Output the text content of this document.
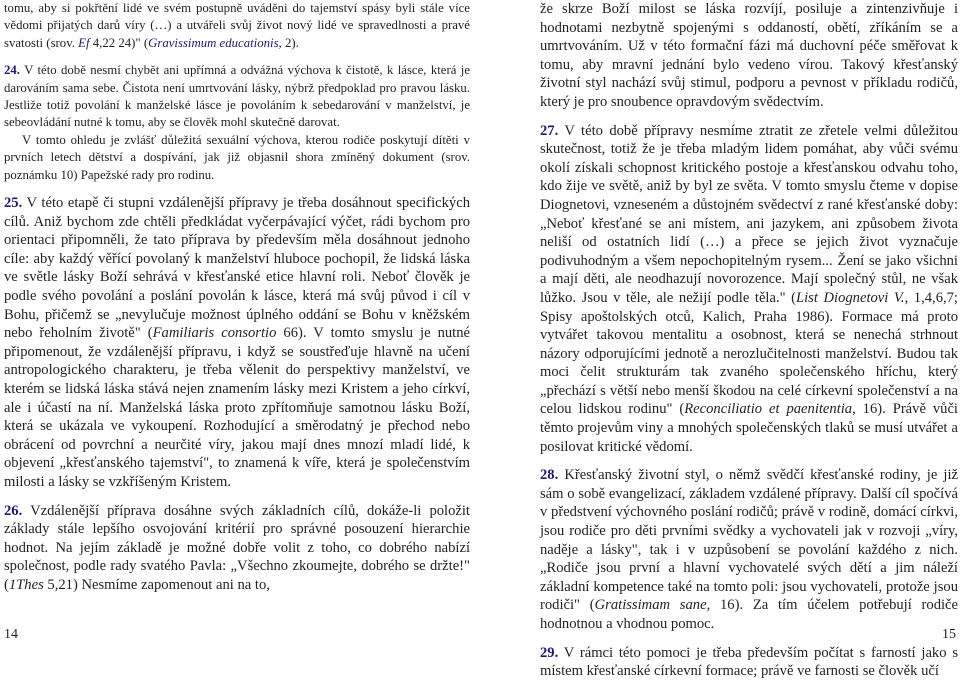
tomu, aby si pokřtění lidé ve svém postupně uváděni do tajemství spásy byli stále více vědomi přijatých darů víry (…) a utvářeli svůj život nový lidé ve spravedlnosti a pravé svatosti (srov. Ef 4,22 24)" (Gravissimum educationis, 2).

24. V této době nesmí chybět ani upřímná a odvážná výchova k čistotě, k lásce, která je darováním sama sebe. Čistota není umrtvování lásky, nýbrž předpoklad pro pravou lásku. Jestliže totiž povolání k manželské lásce je povoláním k sebedarování v manželství, je sebeovládání nutné k tomu, aby se člověk mohl skutečně darovat.

V tomto ohledu je zvlášť důležitá sexuální výchova, kterou rodiče poskytují dítěti v prvních letech dětství a dospívání, jak již objasnil shora zmíněný dokument (srov. poznámku 10) Papežské rady pro rodinu.

25. V této etapě či stupni vzdálenější přípravy je třeba dosáhnout specifických cílů. Aniž bychom zde chtěli předkládat vyčerpávající výčet, rádi bychom pro orientaci připomněli, že tato příprava by především měla dosáhnout jednoho cíle: aby každý věřící povolaný k manželství hluboce pochopil, že lidská láska ve světle lásky Boží sehrává v křesťanské etice hlavní roli. Neboť člověk je podle svého povolání a poslání povolán k lásce, která má svůj původ i cíl v Bohu, přičemž se „nevylučuje možnost úplného oddání se Bohu v kněžském nebo řeholním životě" (Familiaris consortio 66). V tomto smyslu je nutné připomenout, že vzdálenější přípravu, i když se soustřeďuje hlavně na učení antropologického charakteru, je třeba vělenit do perspektivy manželství, ve kterém se lidská láska stává nejen znamením lásky mezi Kristem a jeho církví, ale i účastí na ní. Manželská láska proto zpřítomňuje samotnou lásku Boží, která se ukázala ve vykoupení. Rozhodující a směrodatný je přechod nebo obrácení od povrchní a neurčité víry, jakou mají dnes mnozí mladí lidé, k objevení „křesťanského tajemství", to znamená k víře, která je společenstvím milosti a lásky se vzkříšeným Kristem.

26. Vzdálenější příprava dosáhne svých základních cílů, dokáže-li položit základy stále lepšího osvojování kritérií pro správné posouzení hierarchie hodnot. Na jejím základě je možné dobře volit z toho, co dobrého nabízí společnost, podle rady svatého Pavla: „Všechno zkoumejte, dobrého se držte!" (1Thes 5,21) Nesmíme zapomenout ani na to,

že skrze Boží milost se láska rozvíjí, posiluje a zintenzivňuje i hodnotami nezbytně spojenými s oddaností, obětí, zříkáním se a umrtvováním. Už v této formační fázi má duchovní péče směřovat k tomu, aby mravní jednání bylo vedeno vírou. Takový křesťanský životní styl nachází svůj stimul, podporu a pevnost v příkladu rodičů, který je pro snoubence opravdovým svědectvím.

27. V této době přípravy nesmíme ztratit ze zřetele velmi důležitou skutečnost, totiž že je třeba mladým lidem pomáhat, aby vůči svému okolí získali schopnost kritického postoje a křesťanskou odvahu toho, kdo žije ve světě, aniž by byl ze světa. V tomto smyslu čteme v dopise Diognetovi, vzneseném a důstojném svědectví z rané křesťanské doby: „Neboť křesťané se ani místem, ani jazykem, ani způsobem života neliší od ostatních lidí (…) a přece se jejich život vyznačuje podivuhodným a všem nepochopitelným rysem... Žení se jako všichni a mají děti, ale neodhazují novorozence. Mají společný stůl, ne však lůžko. Jsou v těle, ale nežijí podle těla." (List Diognetovi V., 1,4,6,7; Spisy apoštolských otců, Kalich, Praha 1986). Formace má proto vytvářet takovou mentalitu a osobnost, která se nenechá strhnout názory odporujícími jednotě a nerozlučitelnosti manželství. Budou tak moci čelit strukturám tak zvaného společenského hříchu, který „přechází s větší nebo menší škodou na celé církevní společenství a na celou lidskou rodinu" (Reconciliatio et paenitentia, 16). Právě vůči těmto projevům viny a mnohých společenských tlaků se musí utvářet a posilovat kritické vědomí.

28. Křesťanský životní styl, o němž svědčí křesťanské rodiny, je již sám o sobě evangelizací, základem vzdálené přípravy. Další cíl spočívá v předstvení výchovného poslání rodičů; právě v rodině, domácí církvi, jsou rodiče pro děti prvními svědky a vychovateli jak v rozvoji „víry, naděje a lásky", tak i v uzpůsobení se povolání každého z nich. „Rodiče jsou první a hlavní vychovatelé svých dětí a jim náleží základní kompetence také na tomto poli: jsou vychovateli, protože jsou rodiči" (Gratissimam sane, 16). Za tím účelem potřebují rodiče hodnotnou a vhodnou pomoc.

29. V rámci této pomoci je třeba především počítat s farností jako s místem křesťanské církevní formace; právě ve farnosti se člověk učí

14	15
